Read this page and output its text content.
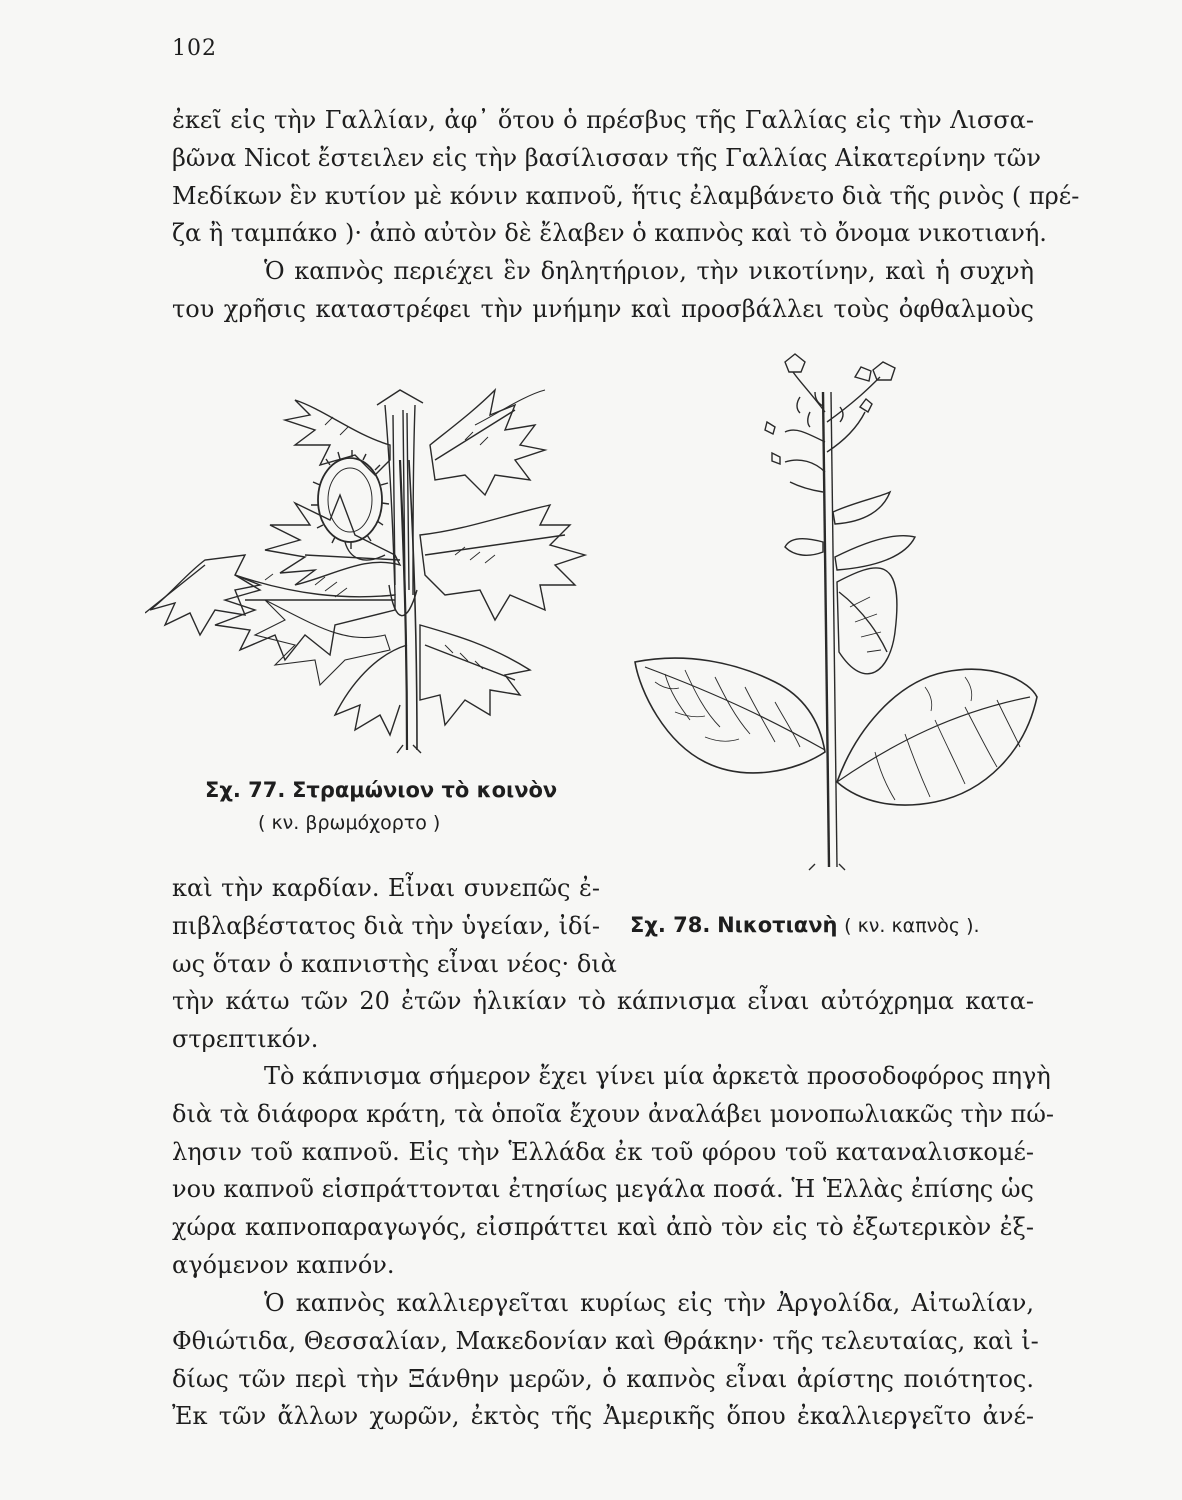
102
ἐκεῖ εἰς τὴν Γαλλίαν, ἀφ᾽ ὅτου ὁ πρέσβυς τῆς Γαλλίας εἰς τὴν Λισσα-
βῶνα Nicot ἔστειλεν εἰς τὴν βασίλισσαν τῆς Γαλλίας Αἰκατερίνην τῶν
Μεδίκων ἓν κυτίον μὲ κόνιν καπνοῦ, ἥτις ἐλαμβάνετο διὰ τῆς ρινὸς ( πρέ-
ζα ἢ ταμπάκο )· ἀπὸ αὐτὸν δὲ ἔλαβεν ὁ καπνὸς καὶ τὸ ὄνομα νικοτιανή.
Ὁ καπνὸς περιέχει ἓν δηλητήριον, τὴν νικοτίνην, καὶ ἡ συχνὴ
του χρῆσις καταστρέφει τὴν μνήμην καὶ προσβάλλει τοὺς ὀφθαλμοὺς
Σχ. 77. Στραμώνιον τὸ κοινὸν
( κν. βρωμόχορτο )
Σχ. 78. Νικοτιανὴ ( κν. καπνὸς ).
καὶ τὴν καρδίαν. Εἶναι συνεπῶς ἐ-
πιβλαβέστατος διὰ τὴν ὑγείαν, ἰδί-
ως ὅταν ὁ καπνιστὴς εἶναι νέος· διὰ
τὴν κάτω τῶν 20 ἐτῶν ἡλικίαν τὸ κάπνισμα εἶναι αὐτόχρημα κατα-
στρεπτικόν.
Τὸ κάπνισμα σήμερον ἔχει γίνει μία ἀρκετὰ προσοδοφόρος πηγὴ
διὰ τὰ διάφορα κράτη, τὰ ὁποῖα ἔχουν ἀναλάβει μονοπωλιακῶς τὴν πώ-
λησιν τοῦ καπνοῦ. Εἰς τὴν Ἑλλάδα ἐκ τοῦ φόρου τοῦ καταναλισκομέ-
νου καπνοῦ εἰσπράττονται ἐτησίως μεγάλα ποσά. Ἡ Ἑλλὰς ἐπίσης ὡς
χώρα καπνοπαραγωγός, εἰσπράττει καὶ ἀπὸ τὸν εἰς τὸ ἐξωτερικὸν ἐξ-
αγόμενον καπνόν.
Ὁ καπνὸς καλλιεργεῖται κυρίως εἰς τὴν Ἀργολίδα, Αἰτωλίαν,
Φθιώτιδα, Θεσσαλίαν, Μακεδονίαν καὶ Θράκην· τῆς τελευταίας, καὶ ἰ-
δίως τῶν περὶ τὴν Ξάνθην μερῶν, ὁ καπνὸς εἶναι ἀρίστης ποιότητος.
Ἐκ τῶν ἄλλων χωρῶν, ἐκτὸς τῆς Ἀμερικῆς ὅπου ἐκαλλιεργεῖτο ἀνέ-
